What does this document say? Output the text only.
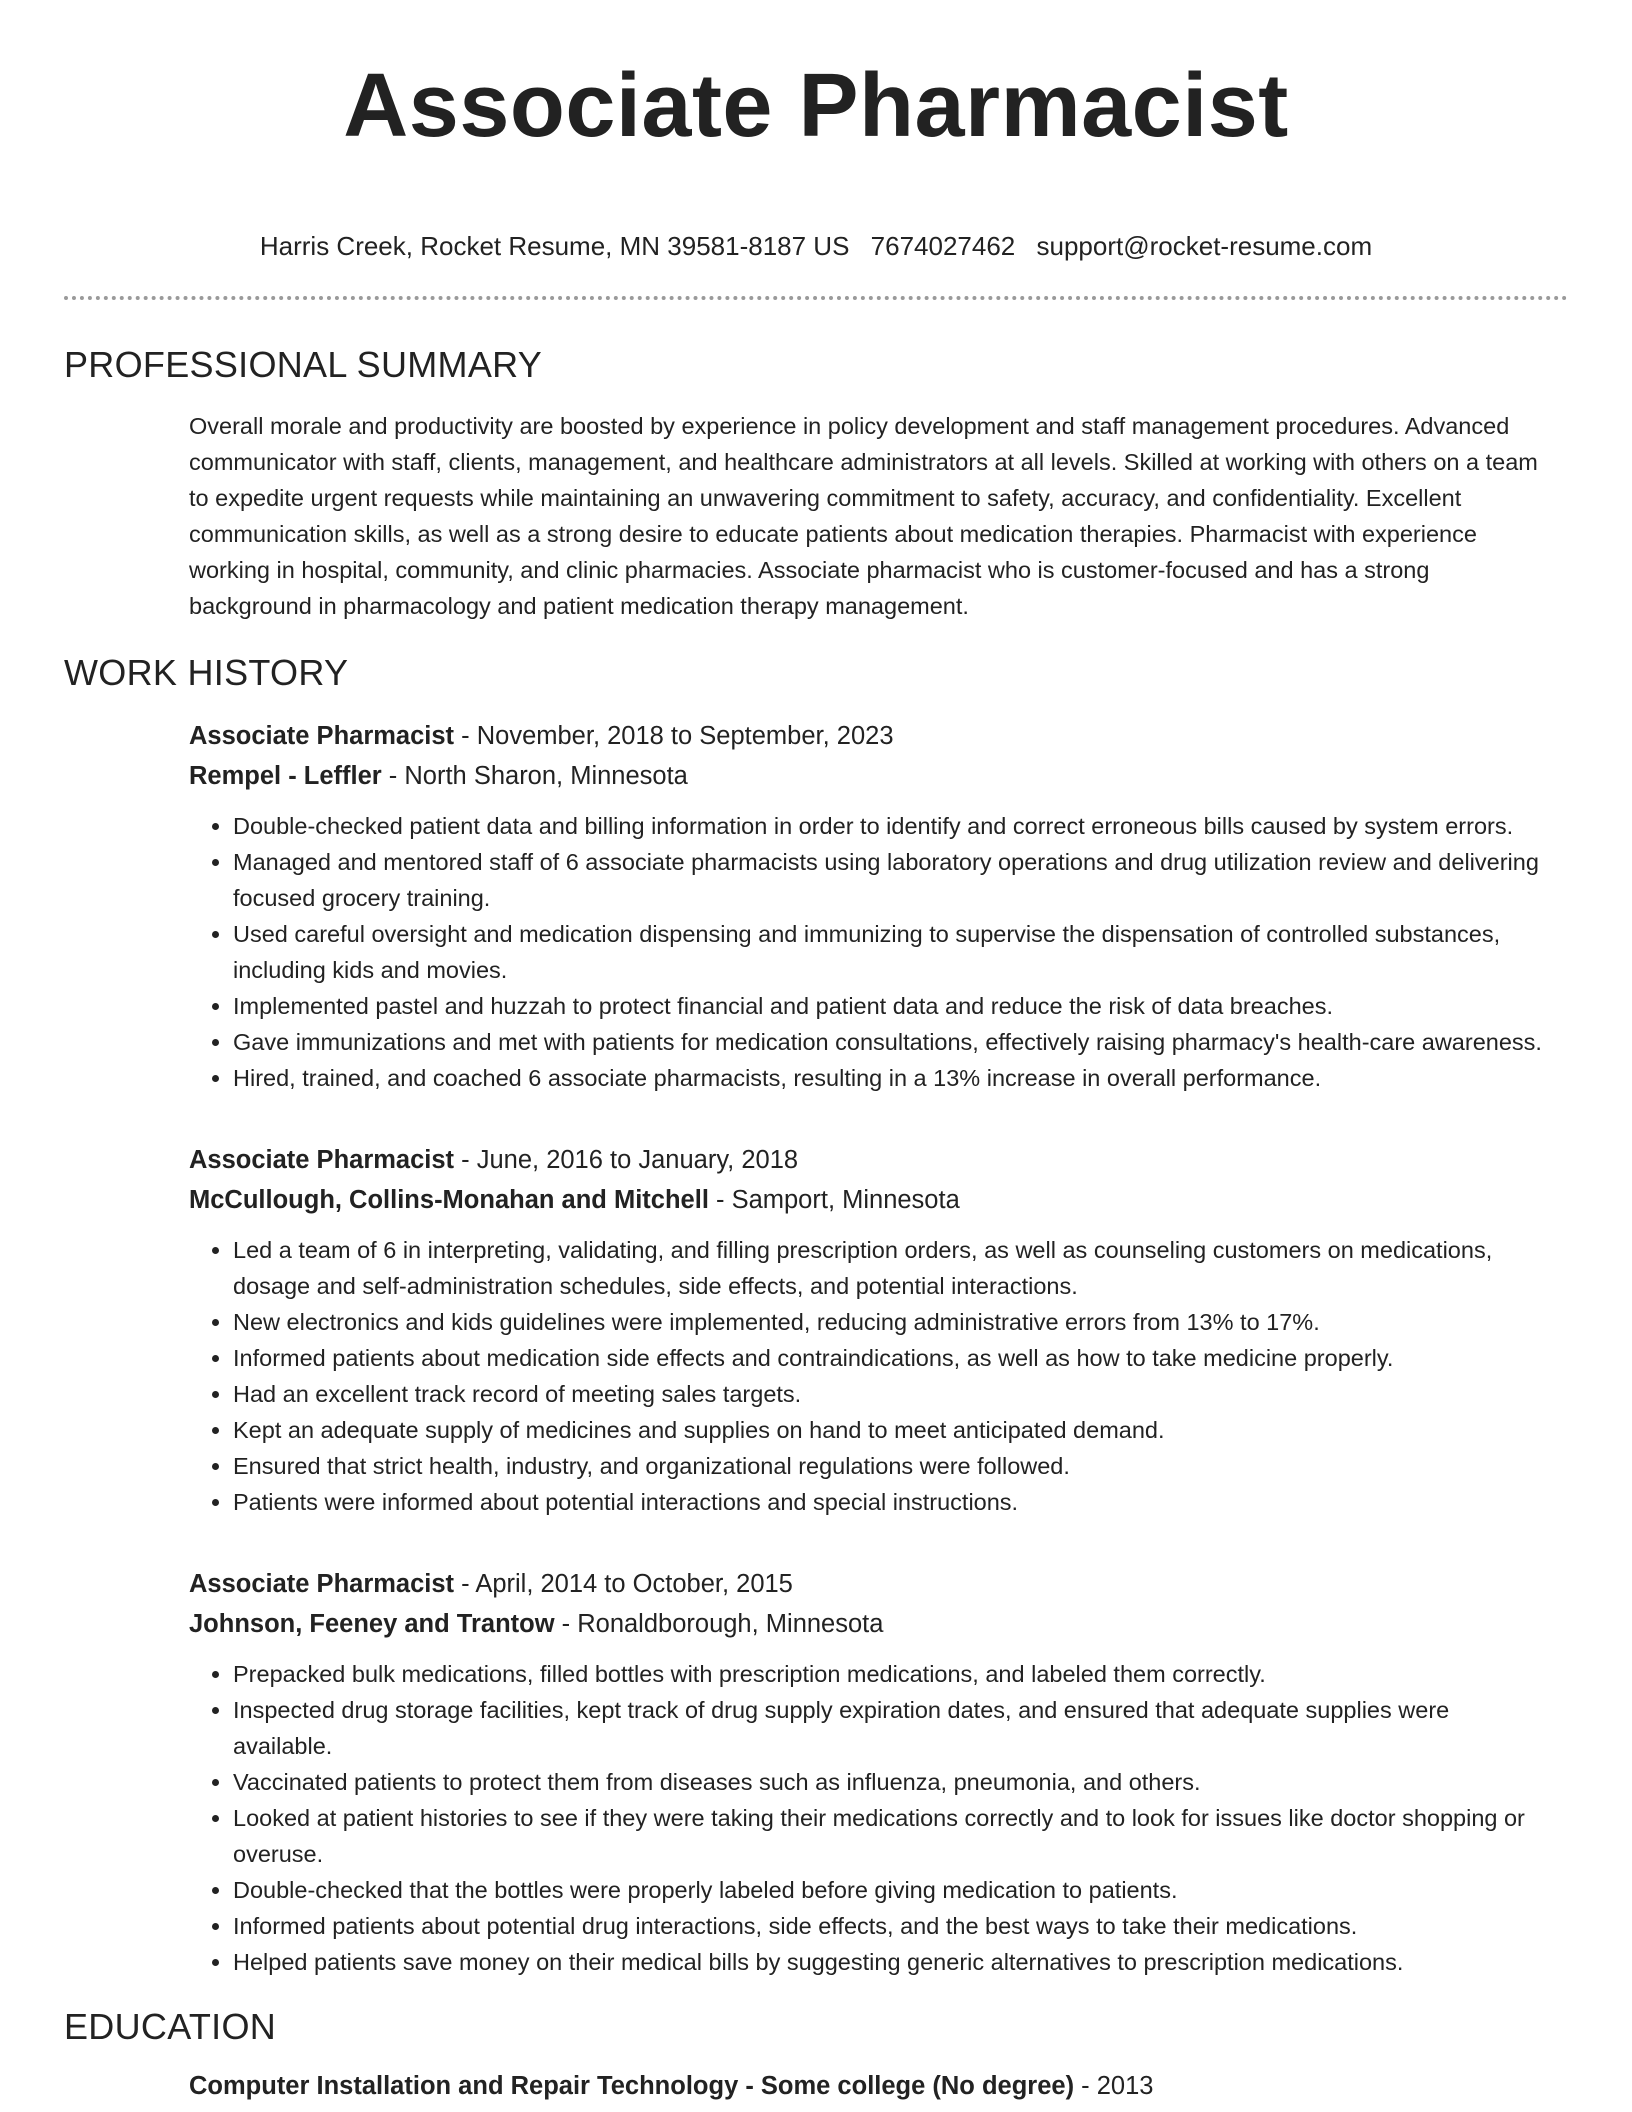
Associate Pharmacist
Harris Creek, Rocket Resume, MN 39581-8187 US 7674027462 support@rocket-resume.com
PROFESSIONAL SUMMARY

Overall morale and productivity are boosted by experience in policy development and staff management procedures. Advanced communicator with staff, clients, management, and healthcare administrators at all levels. Skilled at working with others on a team to expedite urgent requests while maintaining an unwavering commitment to safety, accuracy, and confidentiality. Excellent communication skills, as well as a strong desire to educate patients about medication therapies. Pharmacist with experience working in hospital, community, and clinic pharmacies. Associate pharmacist who is customer-focused and has a strong background in pharmacology and patient medication therapy management.

WORK HISTORY
Associate Pharmacist - November, 2018 to September, 2023
Rempel - Leffler - North Sharon, Minnesota
• Double-checked patient data and billing information in order to identify and correct erroneous bills caused by system errors.
• Managed and mentored staff of 6 associate pharmacists using laboratory operations and drug utilization review and delivering focused grocery training.
• Used careful oversight and medication dispensing and immunizing to supervise the dispensation of controlled substances, including kids and movies.
• Implemented pastel and huzzah to protect financial and patient data and reduce the risk of data breaches.
• Gave immunizations and met with patients for medication consultations, effectively raising pharmacy's health-care awareness.
• Hired, trained, and coached 6 associate pharmacists, resulting in a 13% increase in overall performance.
Associate Pharmacist - June, 2016 to January, 2018
McCullough, Collins-Monahan and Mitchell - Samport, Minnesota
• Led a team of 6 in interpreting, validating, and filling prescription orders, as well as counseling customers on medications, dosage and self-administration schedules, side effects, and potential interactions.
• New electronics and kids guidelines were implemented, reducing administrative errors from 13% to 17%.
• Informed patients about medication side effects and contraindications, as well as how to take medicine properly.
• Had an excellent track record of meeting sales targets.
• Kept an adequate supply of medicines and supplies on hand to meet anticipated demand.
• Ensured that strict health, industry, and organizational regulations were followed.
• Patients were informed about potential interactions and special instructions.
Associate Pharmacist - April, 2014 to October, 2015
Johnson, Feeney and Trantow - Ronaldborough, Minnesota
• Prepacked bulk medications, filled bottles with prescription medications, and labeled them correctly.
• Inspected drug storage facilities, kept track of drug supply expiration dates, and ensured that adequate supplies were available.
• Vaccinated patients to protect them from diseases such as influenza, pneumonia, and others.
• Looked at patient histories to see if they were taking their medications correctly and to look for issues like doctor shopping or overuse.
• Double-checked that the bottles were properly labeled before giving medication to patients.
• Informed patients about potential drug interactions, side effects, and the best ways to take their medications.
• Helped patients save money on their medical bills by suggesting generic alternatives to prescription medications.
EDUCATION
Computer Installation and Repair Technology - Some college (No degree) - 2013
